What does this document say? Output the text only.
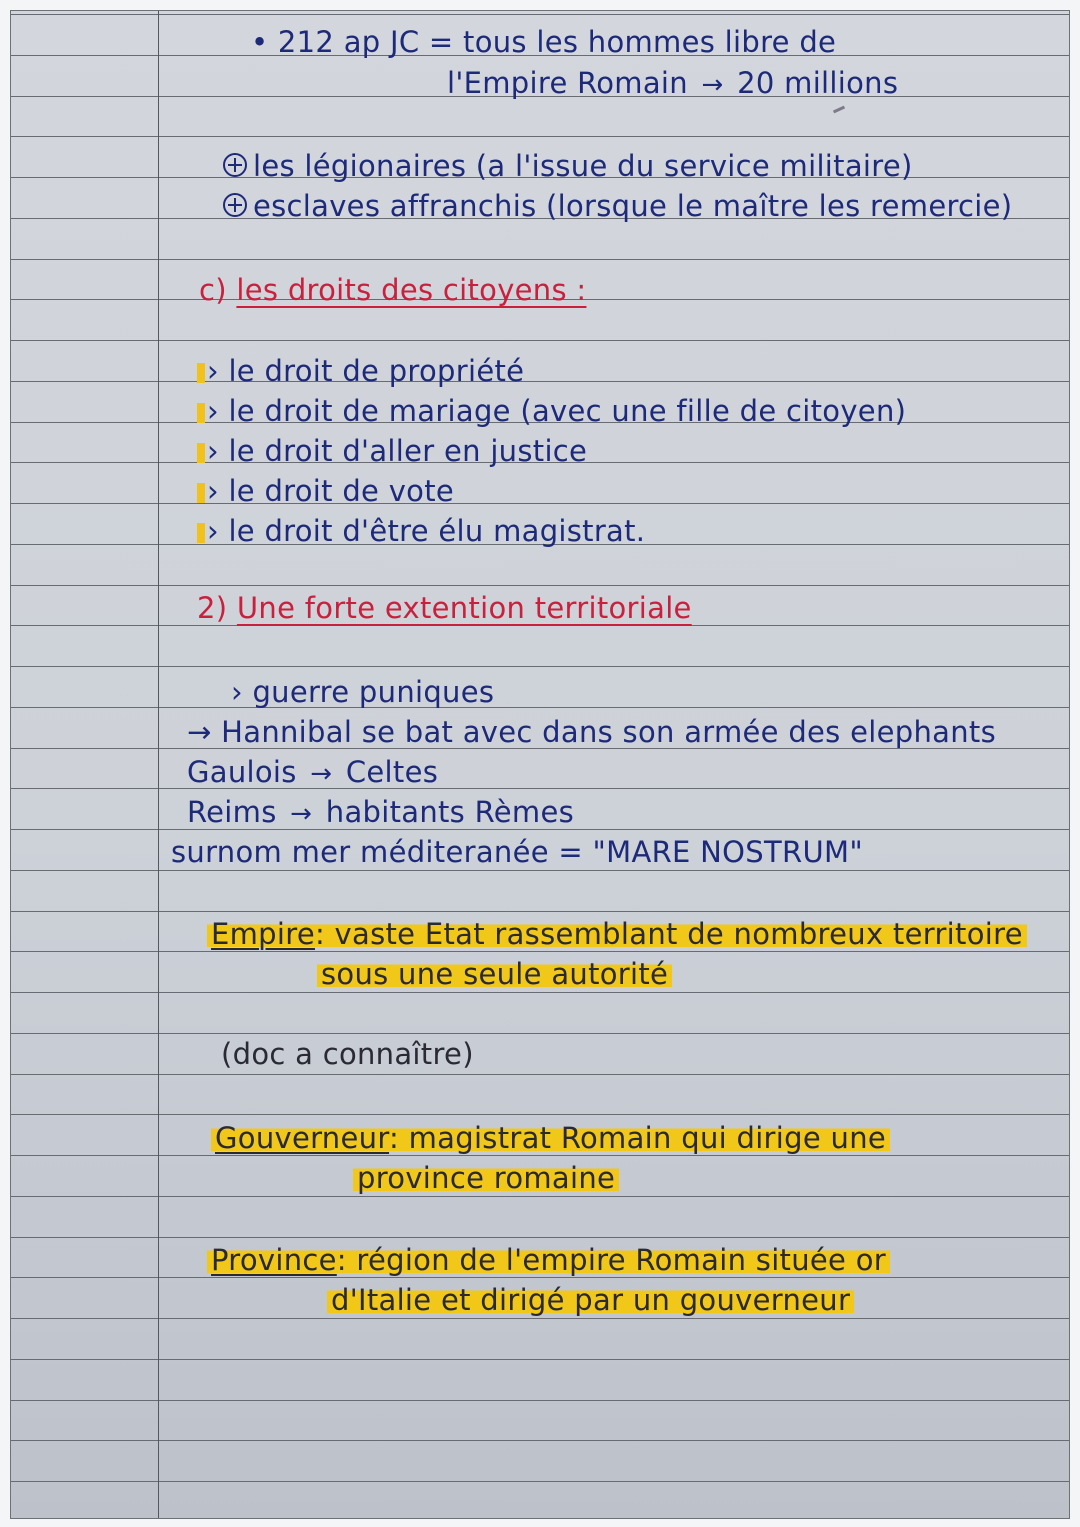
• 212 ap JC = tous les hommes libre de
l'Empire Romain → 20 millions
les légionaires (a l'issue du service militaire)
esclaves affranchis (lorsque le maître les remercie)
c) les droits des citoyens :
› le droit de propriété
› le droit de mariage (avec une fille de citoyen)
› le droit d'aller en justice
› le droit de vote
› le droit d'être élu magistrat.
2) Une forte extention territoriale
› guerre puniques
→ Hannibal se bat avec dans son armée des elephants
Gaulois → Celtes
Reims → habitants Rèmes
surnom mer méditeranée = "MARE NOSTRUM"
Empire: vaste Etat rassemblant de nombreux territoire
sous une seule autorité
(doc a connaître)
Gouverneur: magistrat Romain qui dirige une
province romaine
Province: région de l'empire Romain située or
d'Italie et dirigé par un gouverneur
